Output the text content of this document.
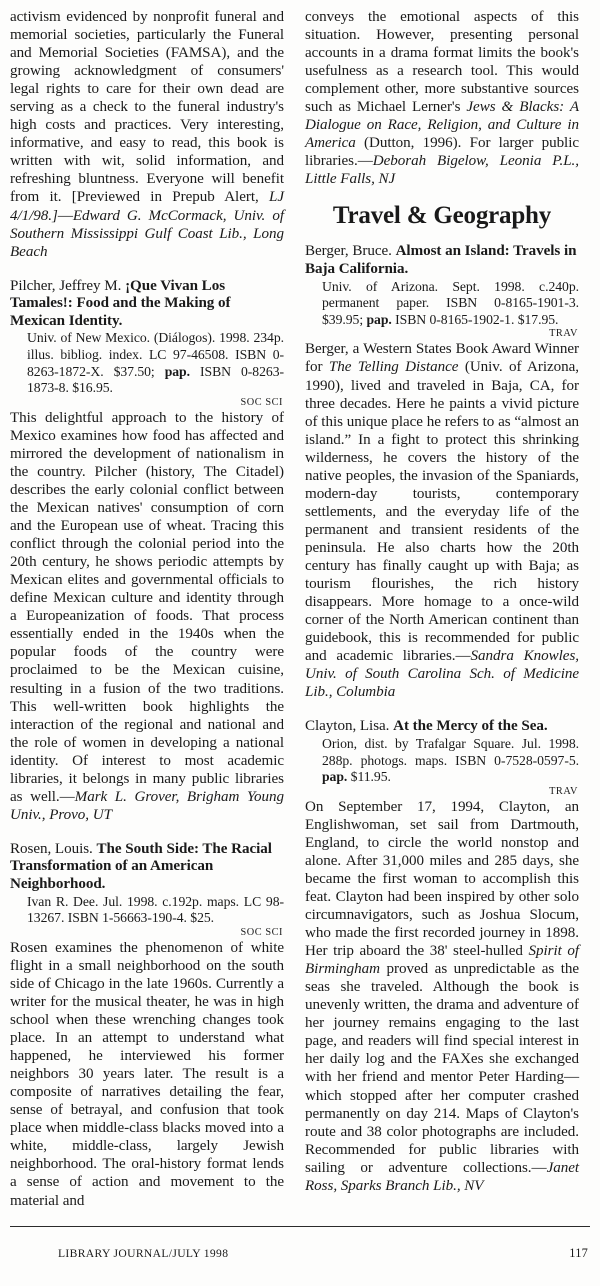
activism evidenced by nonprofit funeral and memorial societies, particularly the Funeral and Memorial Societies (FAMSA), and the growing acknowledgment of consumers' legal rights to care for their own dead are serving as a check to the funeral industry's high costs and practices. Very interesting, informative, and easy to read, this book is written with wit, solid information, and refreshing bluntness. Everyone will benefit from it. [Previewed in Prepub Alert, LJ 4/1/98.]—Edward G. McCormack, Univ. of Southern Mississippi Gulf Coast Lib., Long Beach

Pilcher, Jeffrey M. ¡Que Vivan Los Tamales!: Food and the Making of Mexican Identity.

Univ. of New Mexico. (Diálogos). 1998. 234p. illus. bibliog. index. LC 97-46508. ISBN 0-8263-1872-X. $37.50; pap. ISBN 0-8263-1873-8. $16.95.

SOC SCI

This delightful approach to the history of Mexico examines how food has affected and mirrored the development of nationalism in the country. Pilcher (history, The Citadel) describes the early colonial conflict between the Mexican natives' consumption of corn and the European use of wheat. Tracing this conflict through the colonial period into the 20th century, he shows periodic attempts by Mexican elites and governmental officials to define Mexican culture and identity through a Europeanization of foods. That process essentially ended in the 1940s when the popular foods of the country were proclaimed to be the Mexican cuisine, resulting in a fusion of the two traditions. This well-written book highlights the interaction of the regional and national and the role of women in developing a national identity. Of interest to most academic libraries, it belongs in many public libraries as well.—Mark L. Grover, Brigham Young Univ., Provo, UT

Rosen, Louis. The South Side: The Racial Transformation of an American Neighborhood.

Ivan R. Dee. Jul. 1998. c.192p. maps. LC 98-13267. ISBN 1-56663-190-4. $25.

SOC SCI

Rosen examines the phenomenon of white flight in a small neighborhood on the south side of Chicago in the late 1960s. Currently a writer for the musical theater, he was in high school when these wrenching changes took place. In an attempt to understand what happened, he interviewed his former neighbors 30 years later. The result is a composite of narratives detailing the fear, sense of betrayal, and confusion that took place when middle-class blacks moved into a white, middle-class, largely Jewish neighborhood. The oral-history format lends a sense of action and movement to the material and

conveys the emotional aspects of this situation. However, presenting personal accounts in a drama format limits the book's usefulness as a research tool. This would complement other, more substantive sources such as Michael Lerner's Jews & Blacks: A Dialogue on Race, Religion, and Culture in America (Dutton, 1996). For larger public libraries.—Deborah Bigelow, Leonia P.L., Little Falls, NJ

Travel & Geography

Berger, Bruce. Almost an Island: Travels in Baja California.

Univ. of Arizona. Sept. 1998. c.240p. permanent paper. ISBN 0-8165-1901-3. $39.95; pap. ISBN 0-8165-1902-1. $17.95.

TRAV

Berger, a Western States Book Award Winner for The Telling Distance (Univ. of Arizona, 1990), lived and traveled in Baja, CA, for three decades. Here he paints a vivid picture of this unique place he refers to as “almost an island.” In a fight to protect this shrinking wilderness, he covers the history of the native peoples, the invasion of the Spaniards, modern-day tourists, contemporary settlements, and the everyday life of the permanent and transient residents of the peninsula. He also charts how the 20th century has finally caught up with Baja; as tourism flourishes, the rich history disappears. More homage to a once-wild corner of the North American continent than guidebook, this is recommended for public and academic libraries.—Sandra Knowles, Univ. of South Carolina Sch. of Medicine Lib., Columbia

Clayton, Lisa. At the Mercy of the Sea.

Orion, dist. by Trafalgar Square. Jul. 1998. 288p. photogs. maps. ISBN 0-7528-0597-5. pap. $11.95.

TRAV

On September 17, 1994, Clayton, an Englishwoman, set sail from Dartmouth, England, to circle the world nonstop and alone. After 31,000 miles and 285 days, she became the first woman to accomplish this feat. Clayton had been inspired by other solo circumnavigators, such as Joshua Slocum, who made the first recorded journey in 1898. Her trip aboard the 38' steel-hulled Spirit of Birmingham proved as unpredictable as the seas she traveled. Although the book is unevenly written, the drama and adventure of her journey remains engaging to the last page, and readers will find special interest in her daily log and the FAXes she exchanged with her friend and mentor Peter Harding—which stopped after her computer crashed permanently on day 214. Maps of Clayton's route and 38 color photographs are included. Recommended for public libraries with sailing or adventure collections.—Janet Ross, Sparks Branch Lib., NV

LIBRARY JOURNAL/JULY 1998	117
